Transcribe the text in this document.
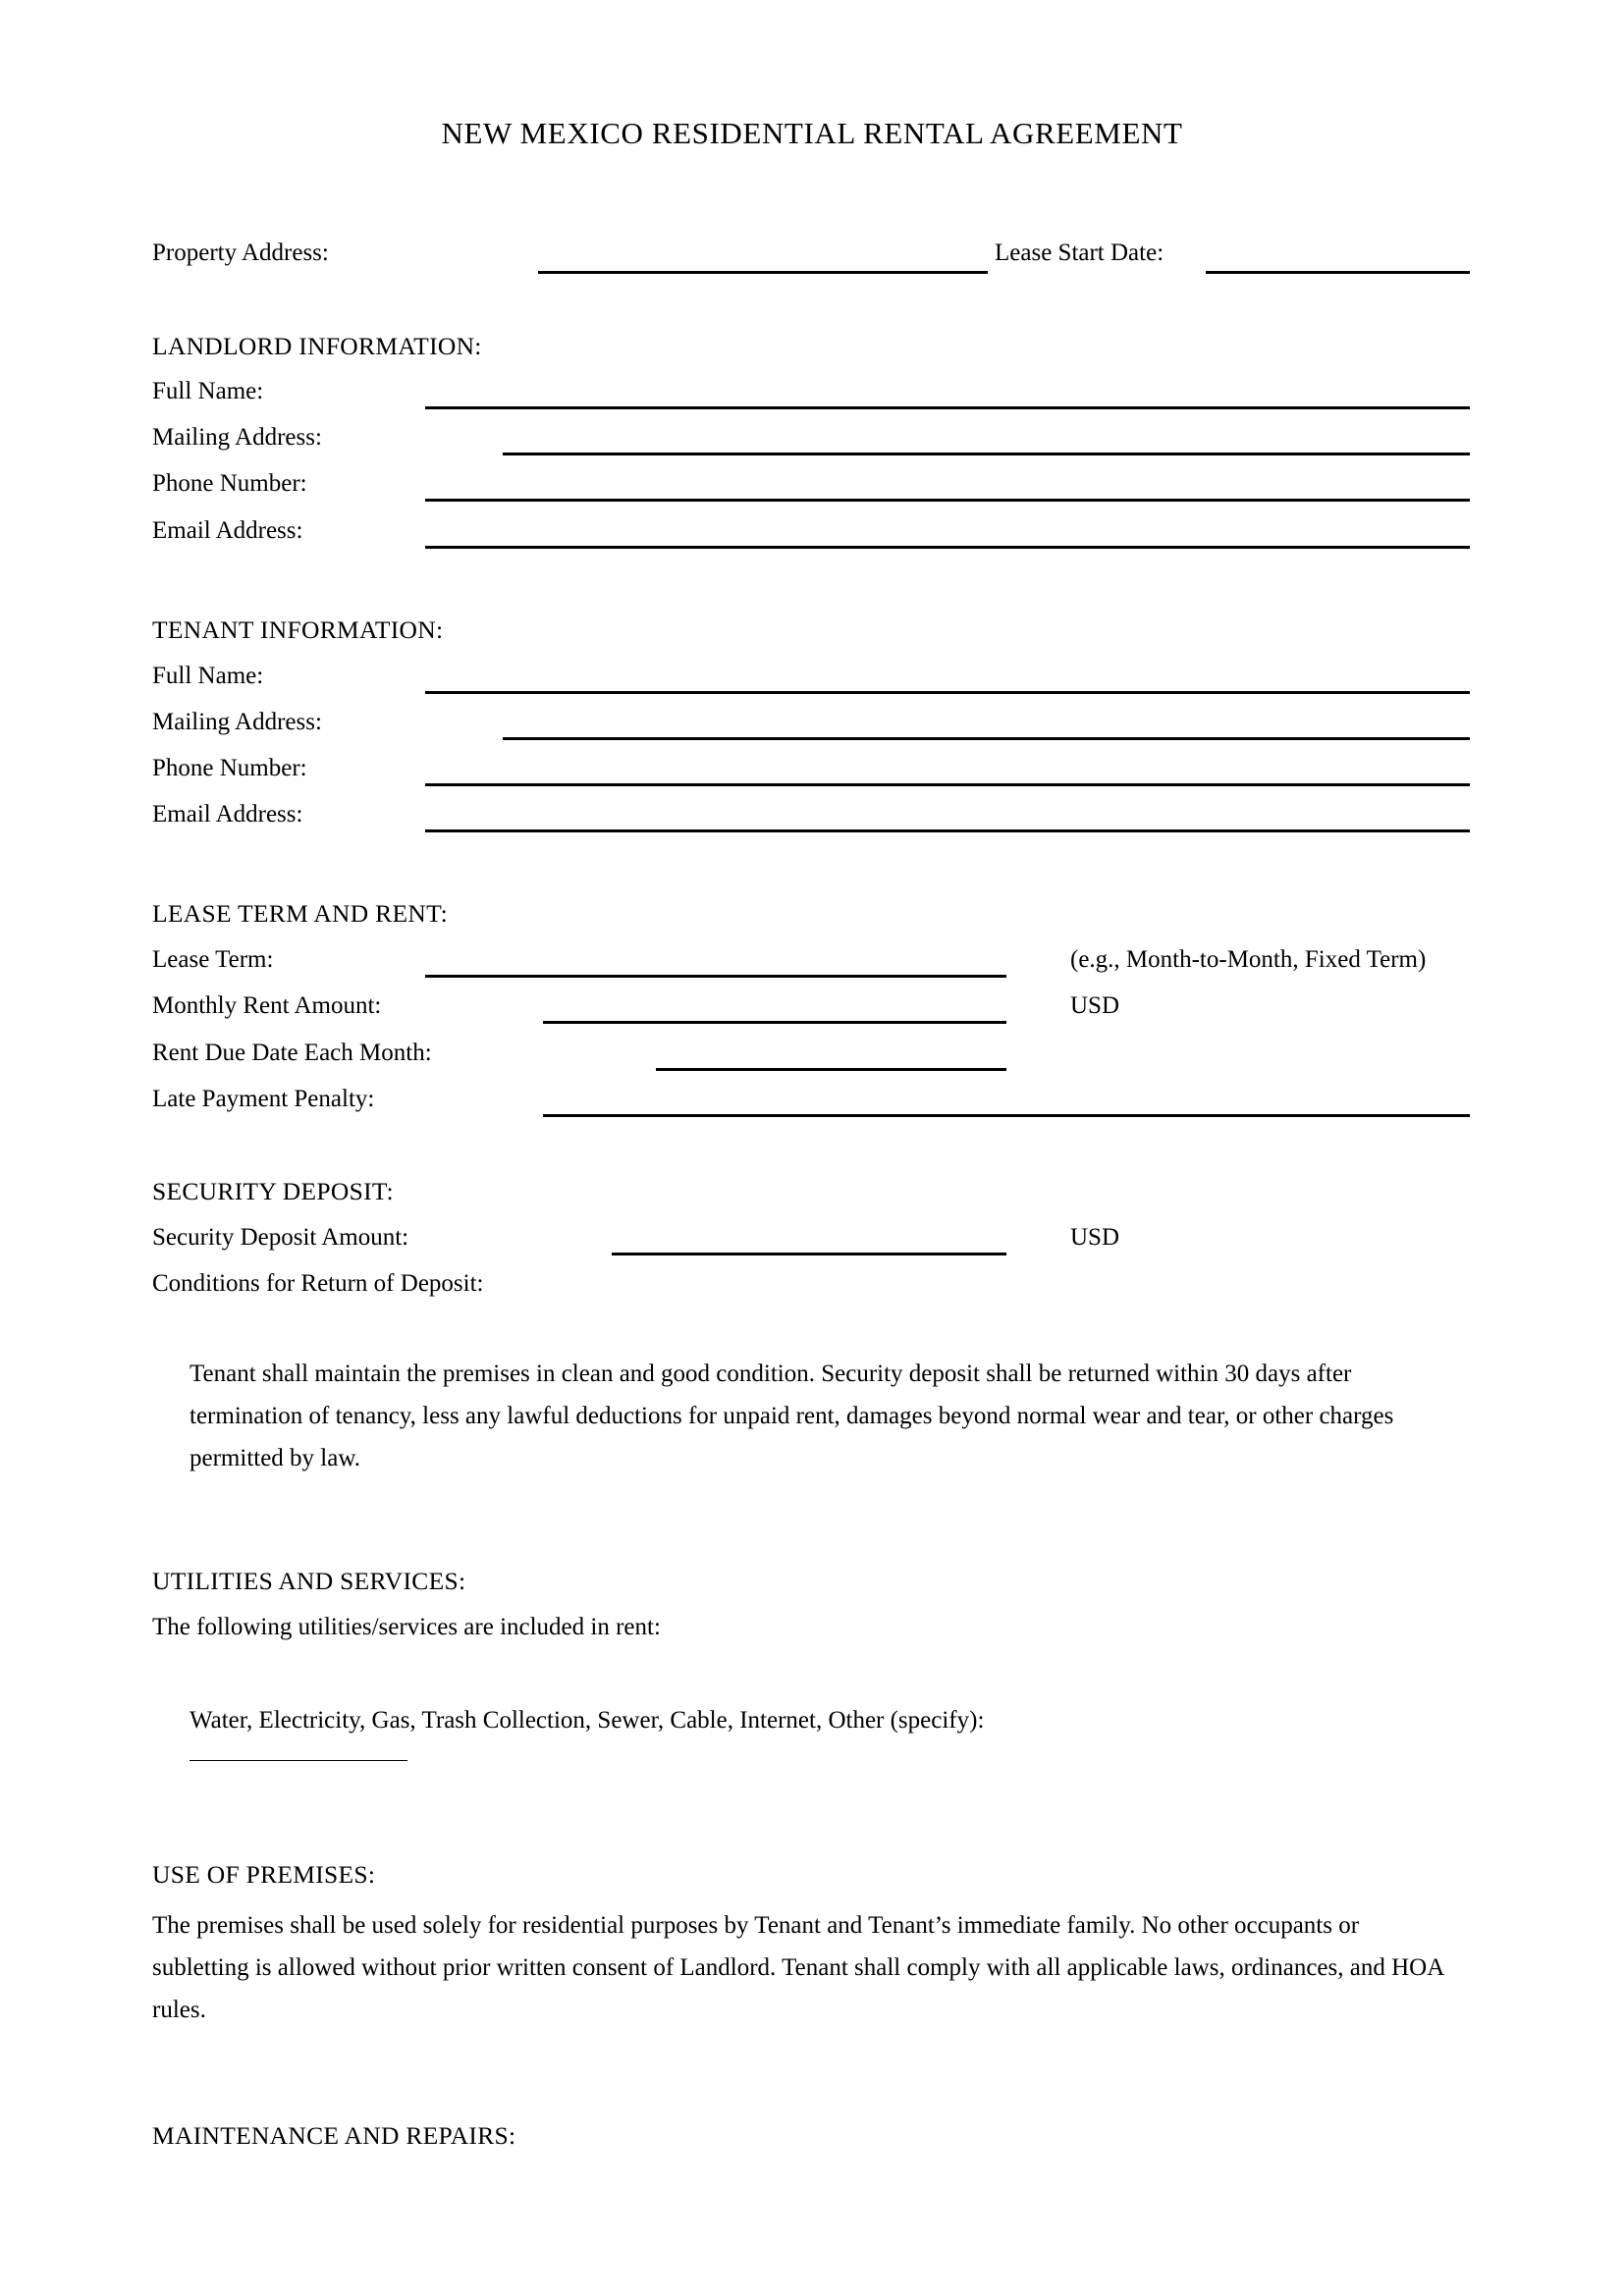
NEW MEXICO RESIDENTIAL RENTAL AGREEMENT
Property Address:	Lease Start Date:
LANDLORD INFORMATION:
Full Name:
Mailing Address:
Phone Number:
Email Address:
TENANT INFORMATION:
Full Name:
Mailing Address:
Phone Number:
Email Address:
LEASE TERM AND RENT:
Lease Term:	(e.g., Month-to-Month, Fixed Term)
Monthly Rent Amount:	USD
Rent Due Date Each Month:
Late Payment Penalty:
SECURITY DEPOSIT:
Security Deposit Amount:	USD
Conditions for Return of Deposit:
Tenant shall maintain the premises in clean and good condition. Security deposit shall be returned within 30 days after termination of tenancy, less any lawful deductions for unpaid rent, damages beyond normal wear and tear, or other charges permitted by law.
UTILITIES AND SERVICES:
The following utilities/services are included in rent:
Water, Electricity, Gas, Trash Collection, Sewer, Cable, Internet, Other (specify):
USE OF PREMISES:
The premises shall be used solely for residential purposes by Tenant and Tenant’s immediate family. No other occupants or subletting is allowed without prior written consent of Landlord. Tenant shall comply with all applicable laws, ordinances, and HOA rules.
MAINTENANCE AND REPAIRS:
